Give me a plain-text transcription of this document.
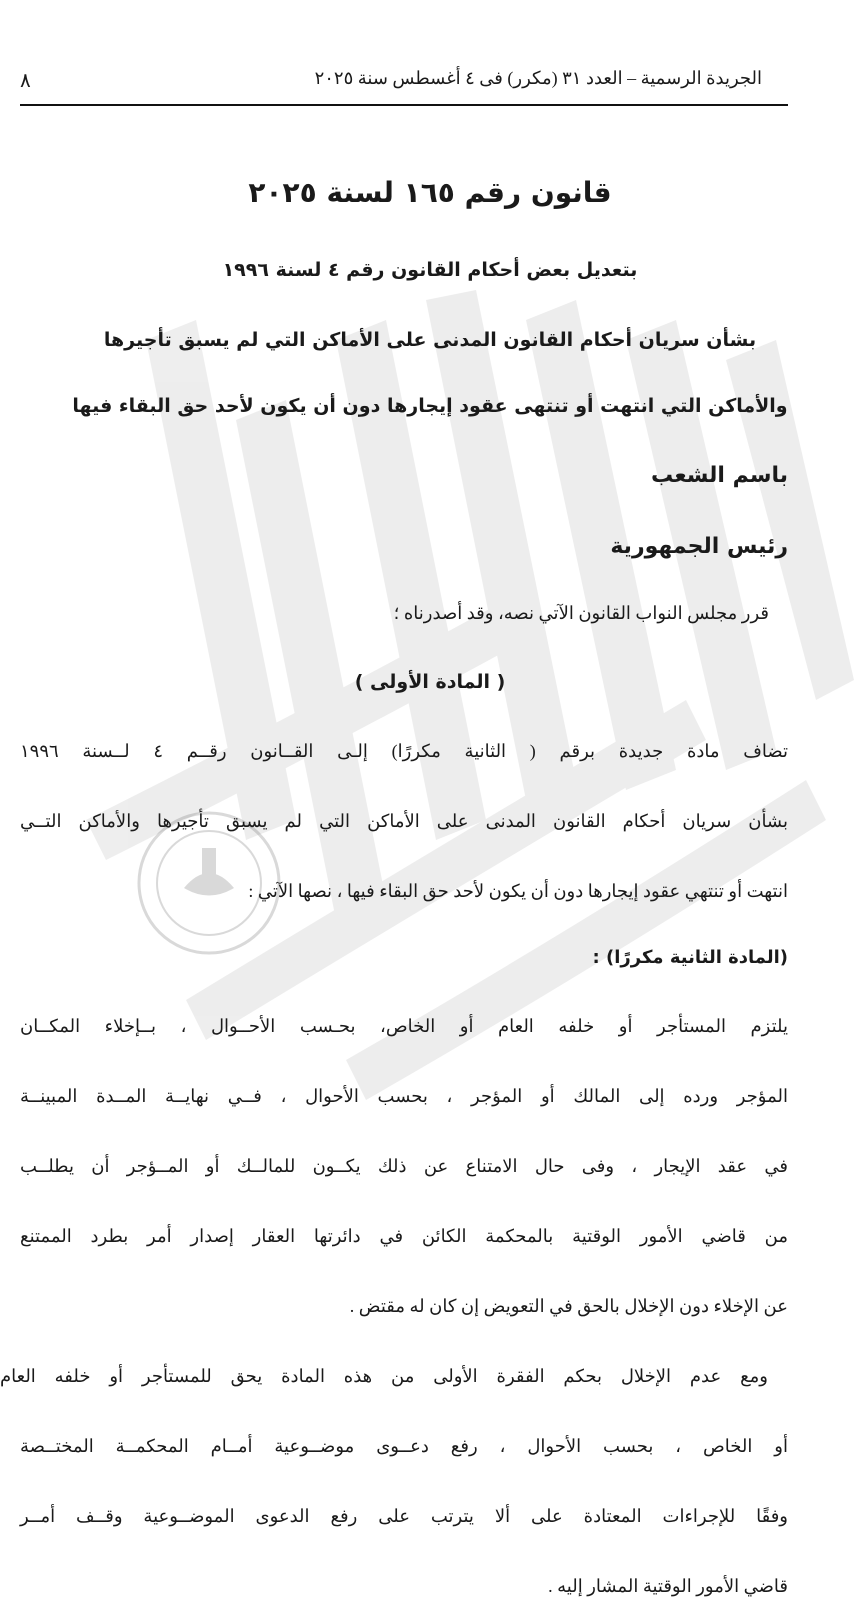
٨	الجريدة الرسمية – العدد ٣١ (مكرر) فى ٤ أغسطس سنة ٢٠٢٥
قانون رقم ١٦٥ لسنة ٢٠٢٥
بتعديل بعض أحكام القانون رقم ٤ لسنة ١٩٩٦
بشأن سريان أحكام القانون المدنى على الأماكن التي لم يسبق تأجيرها
والأماكن التي انتهت أو تنتهى عقود إيجارها دون أن يكون لأحد حق البقاء فيها
باسم الشعب
رئيس الجمهورية
قرر مجلس النواب القانون الآتي نصه، وقد أصدرناه ؛
( المادة الأولى )
تضاف مادة جديدة برقم ( الثانية مكررًا) إلـى القــانون رقــم ٤ لــسنة ١٩٩٦
بشأن سريان أحكام القانون المدنى على الأماكن التي لم يسبق تأجيرها والأماكن التــي
انتهت أو تنتهي عقود إيجارها دون أن يكون لأحد حق البقاء فيها ، نصها الآتي :
(المادة الثانية مكررًا) :
يلتزم المستأجر أو خلفه العام أو الخاص، بحـسب الأحــوال ، بــإخلاء المكــان
المؤجر ورده إلى المالك أو المؤجر ، بحسب الأحوال ، فــي نهايــة المــدة المبينــة
في عقد الإيجار ، وفى حال الامتناع عن ذلك يكــون للمالــك أو المــؤجر أن يطلــب
من قاضي الأمور الوقتية بالمحكمة الكائن في دائرتها العقار إصدار أمر بطرد الممتنع
عن الإخلاء دون الإخلال بالحق في التعويض إن كان له مقتض .
ومع عدم الإخلال بحكم الفقرة الأولى من هذه المادة يحق للمستأجر أو خلفه العام
أو الخاص ، بحسب الأحوال ، رفع دعــوى موضــوعية أمــام المحكمــة المختــصة
وفقًا للإجراءات المعتادة على ألا يترتب على رفع الدعوى الموضــوعية وقــف أمــر
قاضي الأمور الوقتية المشار إليه .
